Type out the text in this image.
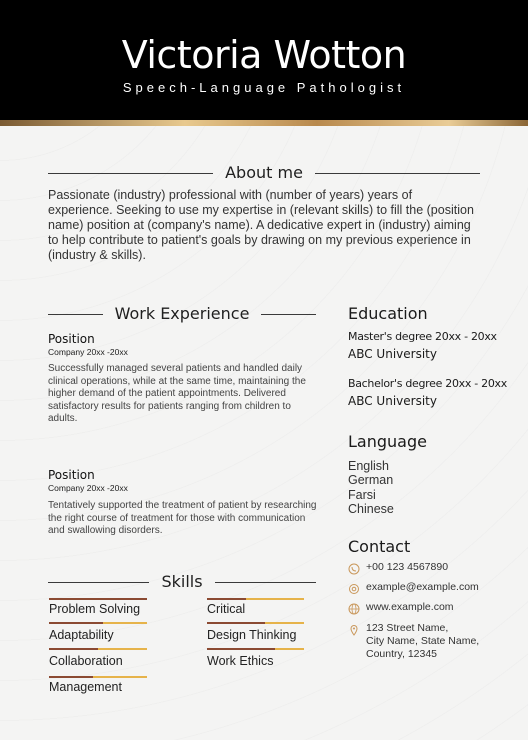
Victoria Wotton
Speech-Language Pathologist
About me
Passionate (industry) professional with (number of years) years of experience. Seeking to use my expertise in (relevant skills) to fill the (position name) position at (company's name). A dedicative expert in (industry) aiming to help contribute to patient's goals by drawing on my previous experience in (industry & skills).
Work Experience
Position
Company 20xx -20xx
Successfully managed several patients and handled daily clinical operations, while at the same time, maintaining the higher demand of the patient appointments. Delivered satisfactory results for patients ranging from children to adults.
Position
Company 20xx -20xx
Tentatively supported the treatment of patient by researching the right course of treatment for those with communication and swallowing disorders.
Skills
Problem Solving	Critical
Adaptability	Design Thinking
Collaboration	Work Ethics
Management
Education
Master's degree 20xx - 20xx
ABC University
Bachelor's degree 20xx - 20xx
ABC University
Language
English
German
Farsi
Chinese
Contact
+00 123 4567890
example@example.com
www.example.com
123 Street Name,
City Name, State Name,
Country, 12345
